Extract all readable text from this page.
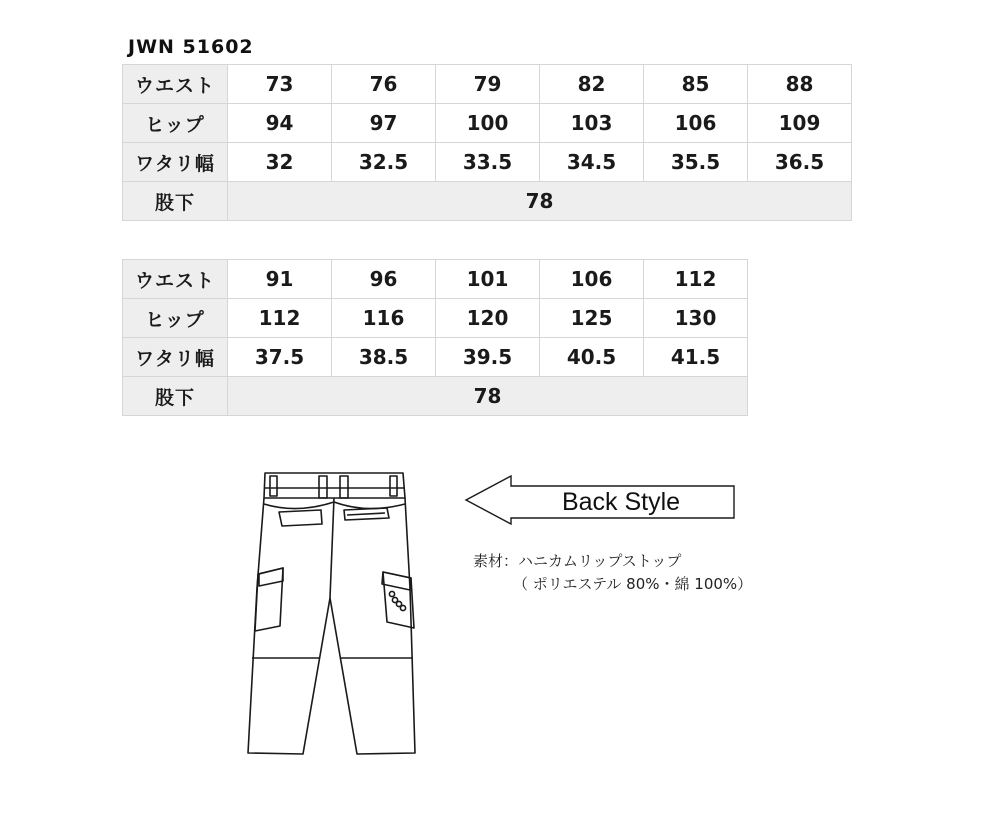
JWN 51602
ウエスト	73	76	79	82	85	88
ヒップ	94	97	100	103	106	109
ワタリ幅	32	32.5	33.5	34.5	35.5	36.5
股下	78					
ウエスト	91	96	101	106	112
ヒップ	112	116	120	125	130
ワタリ幅	37.5	38.5	39.5	40.5	41.5
股下	78				
Back Style
素材：ハニカムリップストップ
（ ポリエステル 80%・綿 100%）
